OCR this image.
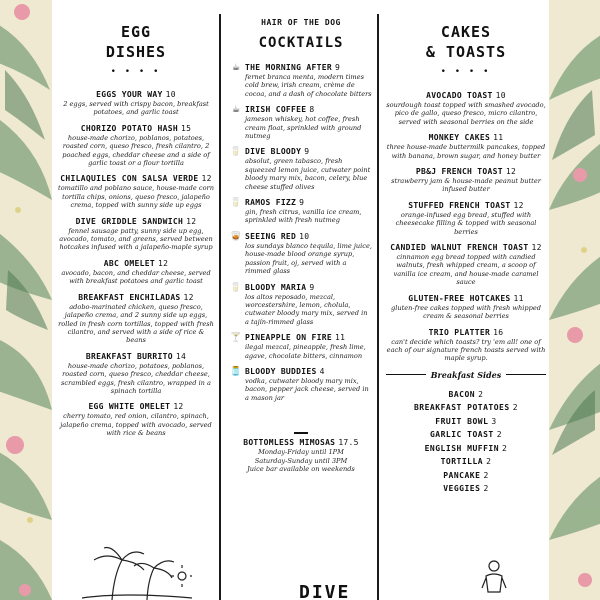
EGG
DISHES
• • • •
EGGS YOUR WAY 10
2 eggs, served with crispy bacon, breakfast potatoes, and garlic toast
CHORIZO POTATO HASH 15
house-made chorizo, poblanos, potatoes, roasted corn, queso fresco, fresh cilantro, 2 poached eggs, cheddar cheese and a side of garlic toast or a flour tortilla
CHILAQUILES CON SALSA VERDE 12
tomatillo and poblano sauce, house-made corn tortilla chips, onions, queso fresco, jalapeño crema, topped with sunny side up eggs
DIVE GRIDDLE SANDWICH 12
fennel sausage patty, sunny side up egg, avocado, tomato, and greens, served between hotcakes infused with a jalapeño-maple syrup
ABC OMELET 12
avocado, bacon, and cheddar cheese, served with breakfast potatoes and garlic toast
BREAKFAST ENCHILADAS 12
adobo-marinated chicken, queso fresco, jalapeño crema, and 2 sunny side up eggs, rolled in fresh corn tortillas, topped with fresh cilantro, and served with a side of rice & beans
BREAKFAST BURRITO 14
house-made chorizo, potatoes, poblanos, roasted corn, queso fresco, cheddar cheese, scrambled eggs, fresh cilantro, wrapped in a spinach tortilla
EGG WHITE OMELET 12
cherry tomato, red onion, cilantro, spinach, jalapeño crema, topped with avocado, served with rice & beans
HAIR OF THE DOG
COCKTAILS
☕ THE MORNING AFTER 9
fernet branca menta, modern times cold brew, irish cream, crème de cocoa, and a dash of chocolate bitters
☕ IRISH COFFEE 8
jameson whiskey, hot coffee, fresh cream float, sprinkled with ground nutmeg
🥛 DIVE BLOODY 9
absolut, green tabasco, fresh squeezed lemon juice, cutwater point bloody mary mix, bacon, celery, blue cheese stuffed olives
🥛 RAMOS FIZZ 9
gin, fresh citrus, vanilla ice cream, sprinkled with fresh nutmeg
🥃 SEEING RED 10
los sundays blanco tequila, lime juice, house-made blood orange syrup, passion fruit, oj, served with a rimmed glass
🥛 BLOODY MARIA 9
los altos reposado, mezcal, worcestershire, lemon, cholula, cutwater bloody mary mix, served in a tajín-rimmed glass
🍸 PINEAPPLE ON FIRE 11
ilegal mezcal, pineapple, fresh lime, agave, chocolate bitters, cinnamon
🫙 BLOODY BUDDIES 4
vodka, cutwater bloody mary mix, bacon, pepper jack cheese, served in a mason jar
BOTTOMLESS MIMOSAS 17.5
Monday-Friday until 1PM
Saturday-Sunday until 3PM
Juice bar available on weekends
CAKES
& TOASTS
• • • •
AVOCADO TOAST 10
sourdough toast topped with smashed avocado, pico de gallo, queso fresco, micro cilantro, served with seasonal berries on the side
MONKEY CAKES 11
three house-made buttermilk pancakes, topped with banana, brown sugar, and honey butter
PB&J FRENCH TOAST 12
strawberry jam & house-made peanut butter infused butter
STUFFED FRENCH TOAST 12
orange-infused egg bread, stuffed with cheesecake filling & topped with seasonal berries
CANDIED WALNUT FRENCH TOAST 12
cinnamon egg bread topped with candied walnuts, fresh whipped cream, a scoop of vanilla ice cream, and house-made caramel sauce
GLUTEN-FREE HOTCAKES 11
gluten-free cakes topped with fresh whipped cream & seasonal berries
TRIO PLATTER 16
can't decide which toasts? try 'em all! one of each of our signature french toasts served with maple syrup.
Breakfast Sides
BACON 2
BREAKFAST POTATOES 2
FRUIT BOWL 3
GARLIC TOAST 2
ENGLISH MUFFIN 2
TORTILLA 2
PANCAKE 2
VEGGIES 2
DIVE
